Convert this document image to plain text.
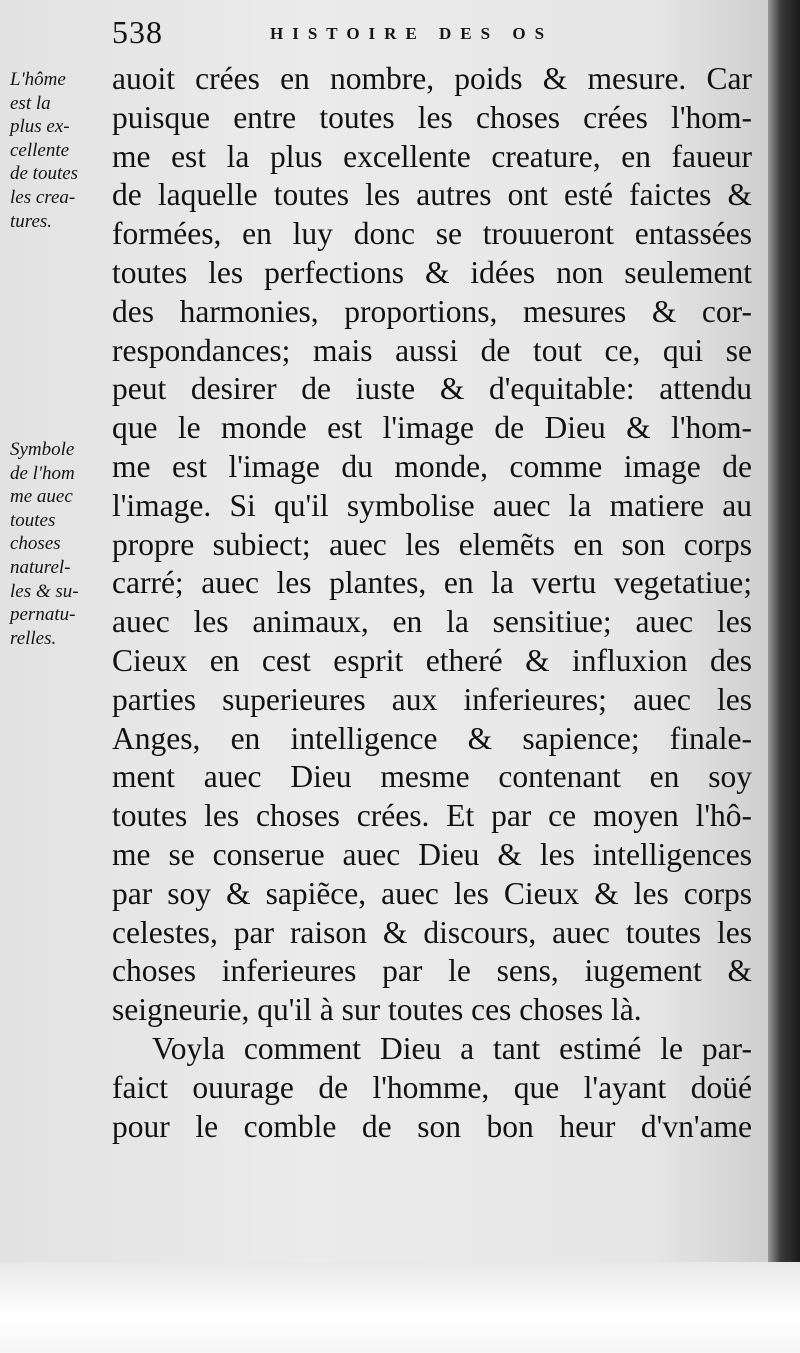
538	HISTOIRE DES OS
L'hôme
est la
plus ex-
cellente
de toutes
les crea-
tures.
Symbole
de l'hom
me auec
toutes
choses
naturel-
les & su-
pernatu-
relles.
auoit crées en nombre, poids & mesure. Car
puisque entre toutes les choses crées l'hom-
me est la plus excellente creature, en faueur
de laquelle toutes les autres ont esté faictes &
formées, en luy donc se trouueront entassées
toutes les perfections & idées non seulement
des harmonies, proportions, mesures & cor-
respondances; mais aussi de tout ce, qui se
peut desirer de iuste & d'equitable: attendu
que le monde est l'image de Dieu & l'hom-
me est l'image du monde, comme image de
l'image. Si qu'il symbolise auec la matiere au
propre subiect; auec les elemẽts en son corps
carré; auec les plantes, en la vertu vegetatiue;
auec les animaux, en la sensitiue; auec les
Cieux en cest esprit etheré & influxion des
parties superieures aux inferieures; auec les
Anges, en intelligence & sapience; finale-
ment auec Dieu mesme contenant en soy
toutes les choses crées. Et par ce moyen l'hô-
me se conserue auec Dieu & les intelligences
par soy & sapiẽce, auec les Cieux & les corps
celestes, par raison & discours, auec toutes les
choses inferieures par le sens, iugement &
seigneurie, qu'il à sur toutes ces choses là.
Voyla comment Dieu a tant estimé le par-
faict ouurage de l'homme, que l'ayant doüé
pour le comble de son bon heur d'vn'ame
